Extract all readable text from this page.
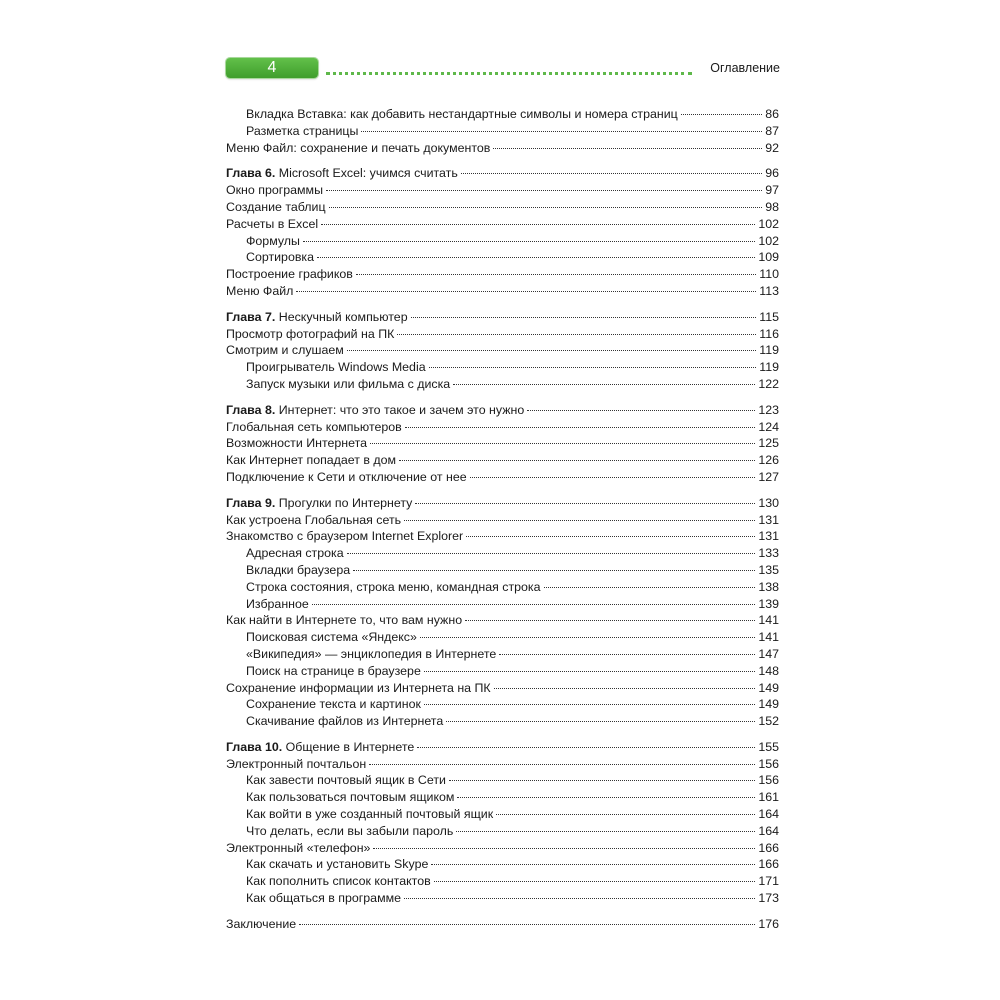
4	Оглавление
Вкладка Вставка: как добавить нестандартные символы и номера страниц	86
Разметка страницы	87
Меню Файл: сохранение и печать документов	92
Глава 6. Microsoft Excel: учимся считать	96
Окно программы	97
Создание таблиц	98
Расчеты в Excel	102
Формулы	102
Сортировка	109
Построение графиков	110
Меню Файл	113
Глава 7. Нескучный компьютер	115
Просмотр фотографий на ПК	116
Смотрим и слушаем	119
Проигрыватель Windows Media	119
Запуск музыки или фильма с диска	122
Глава 8. Интернет: что это такое и зачем это нужно	123
Глобальная сеть компьютеров	124
Возможности Интернета	125
Как Интернет попадает в дом	126
Подключение к Сети и отключение от нее	127
Глава 9. Прогулки по Интернету	130
Как устроена Глобальная сеть	131
Знакомство с браузером Internet Explorer	131
Адресная строка	133
Вкладки браузера	135
Строка состояния, строка меню, командная строка	138
Избранное	139
Как найти в Интернете то, что вам нужно	141
Поисковая система «Яндекс»	141
«Википедия» — энциклопедия в Интернете	147
Поиск на странице в браузере	148
Сохранение информации из Интернета на ПК	149
Сохранение текста и картинок	149
Скачивание файлов из Интернета	152
Глава 10. Общение в Интернете	155
Электронный почтальон	156
Как завести почтовый ящик в Сети	156
Как пользоваться почтовым ящиком	161
Как войти в уже созданный почтовый ящик	164
Что делать, если вы забыли пароль	164
Электронный «телефон»	166
Как скачать и установить Skype	166
Как пополнить список контактов	171
Как общаться в программе	173
Заключение	176
